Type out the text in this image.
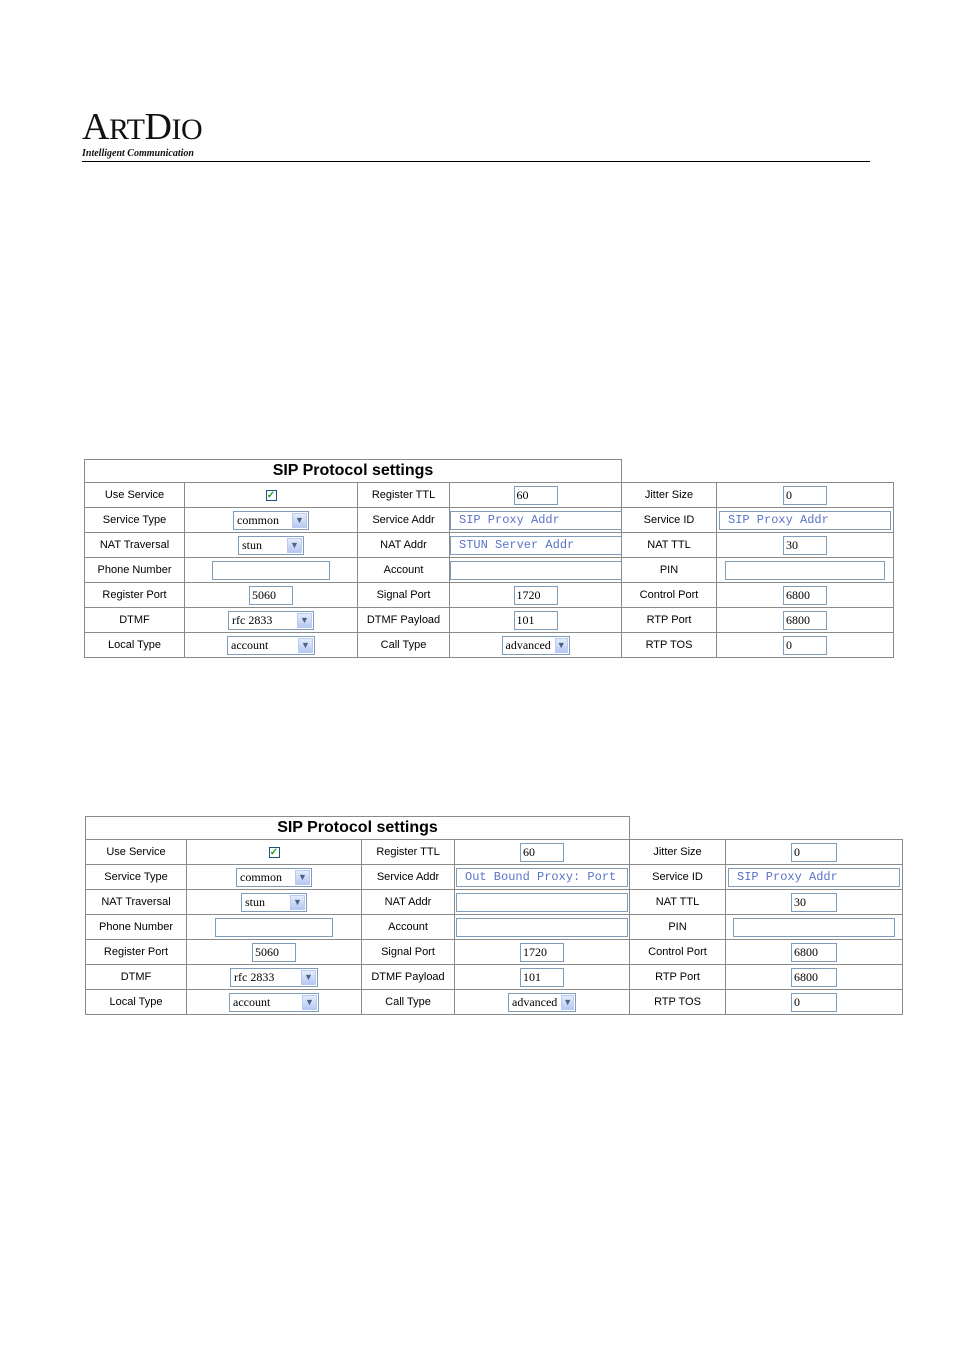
ARTDIO
Intelligent Communication
SIP Protocol settings					
Use Service	✓	Register TTL	60	Jitter Size	0
Service Type	common ▼	Service Addr	SIP Proxy Addr	Service ID	SIP Proxy Addr
NAT Traversal	stun ▼	NAT Addr	STUN Server Addr	NAT TTL	30
Phone Number		Account		PIN	
Register Port	5060	Signal Port	1720	Control Port	6800
DTMF	rfc 2833 ▼	DTMF Payload	101	RTP Port	6800
Local Type	account ▼	Call Type	advanced ▼	RTP TOS	0
SIP Protocol settings					
Use Service	✓	Register TTL	60	Jitter Size	0
Service Type	common ▼	Service Addr	Out Bound Proxy: Port	Service ID	SIP Proxy Addr
NAT Traversal	stun ▼	NAT Addr		NAT TTL	30
Phone Number		Account		PIN	
Register Port	5060	Signal Port	1720	Control Port	6800
DTMF	rfc 2833 ▼	DTMF Payload	101	RTP Port	6800
Local Type	account ▼	Call Type	advanced ▼	RTP TOS	0
